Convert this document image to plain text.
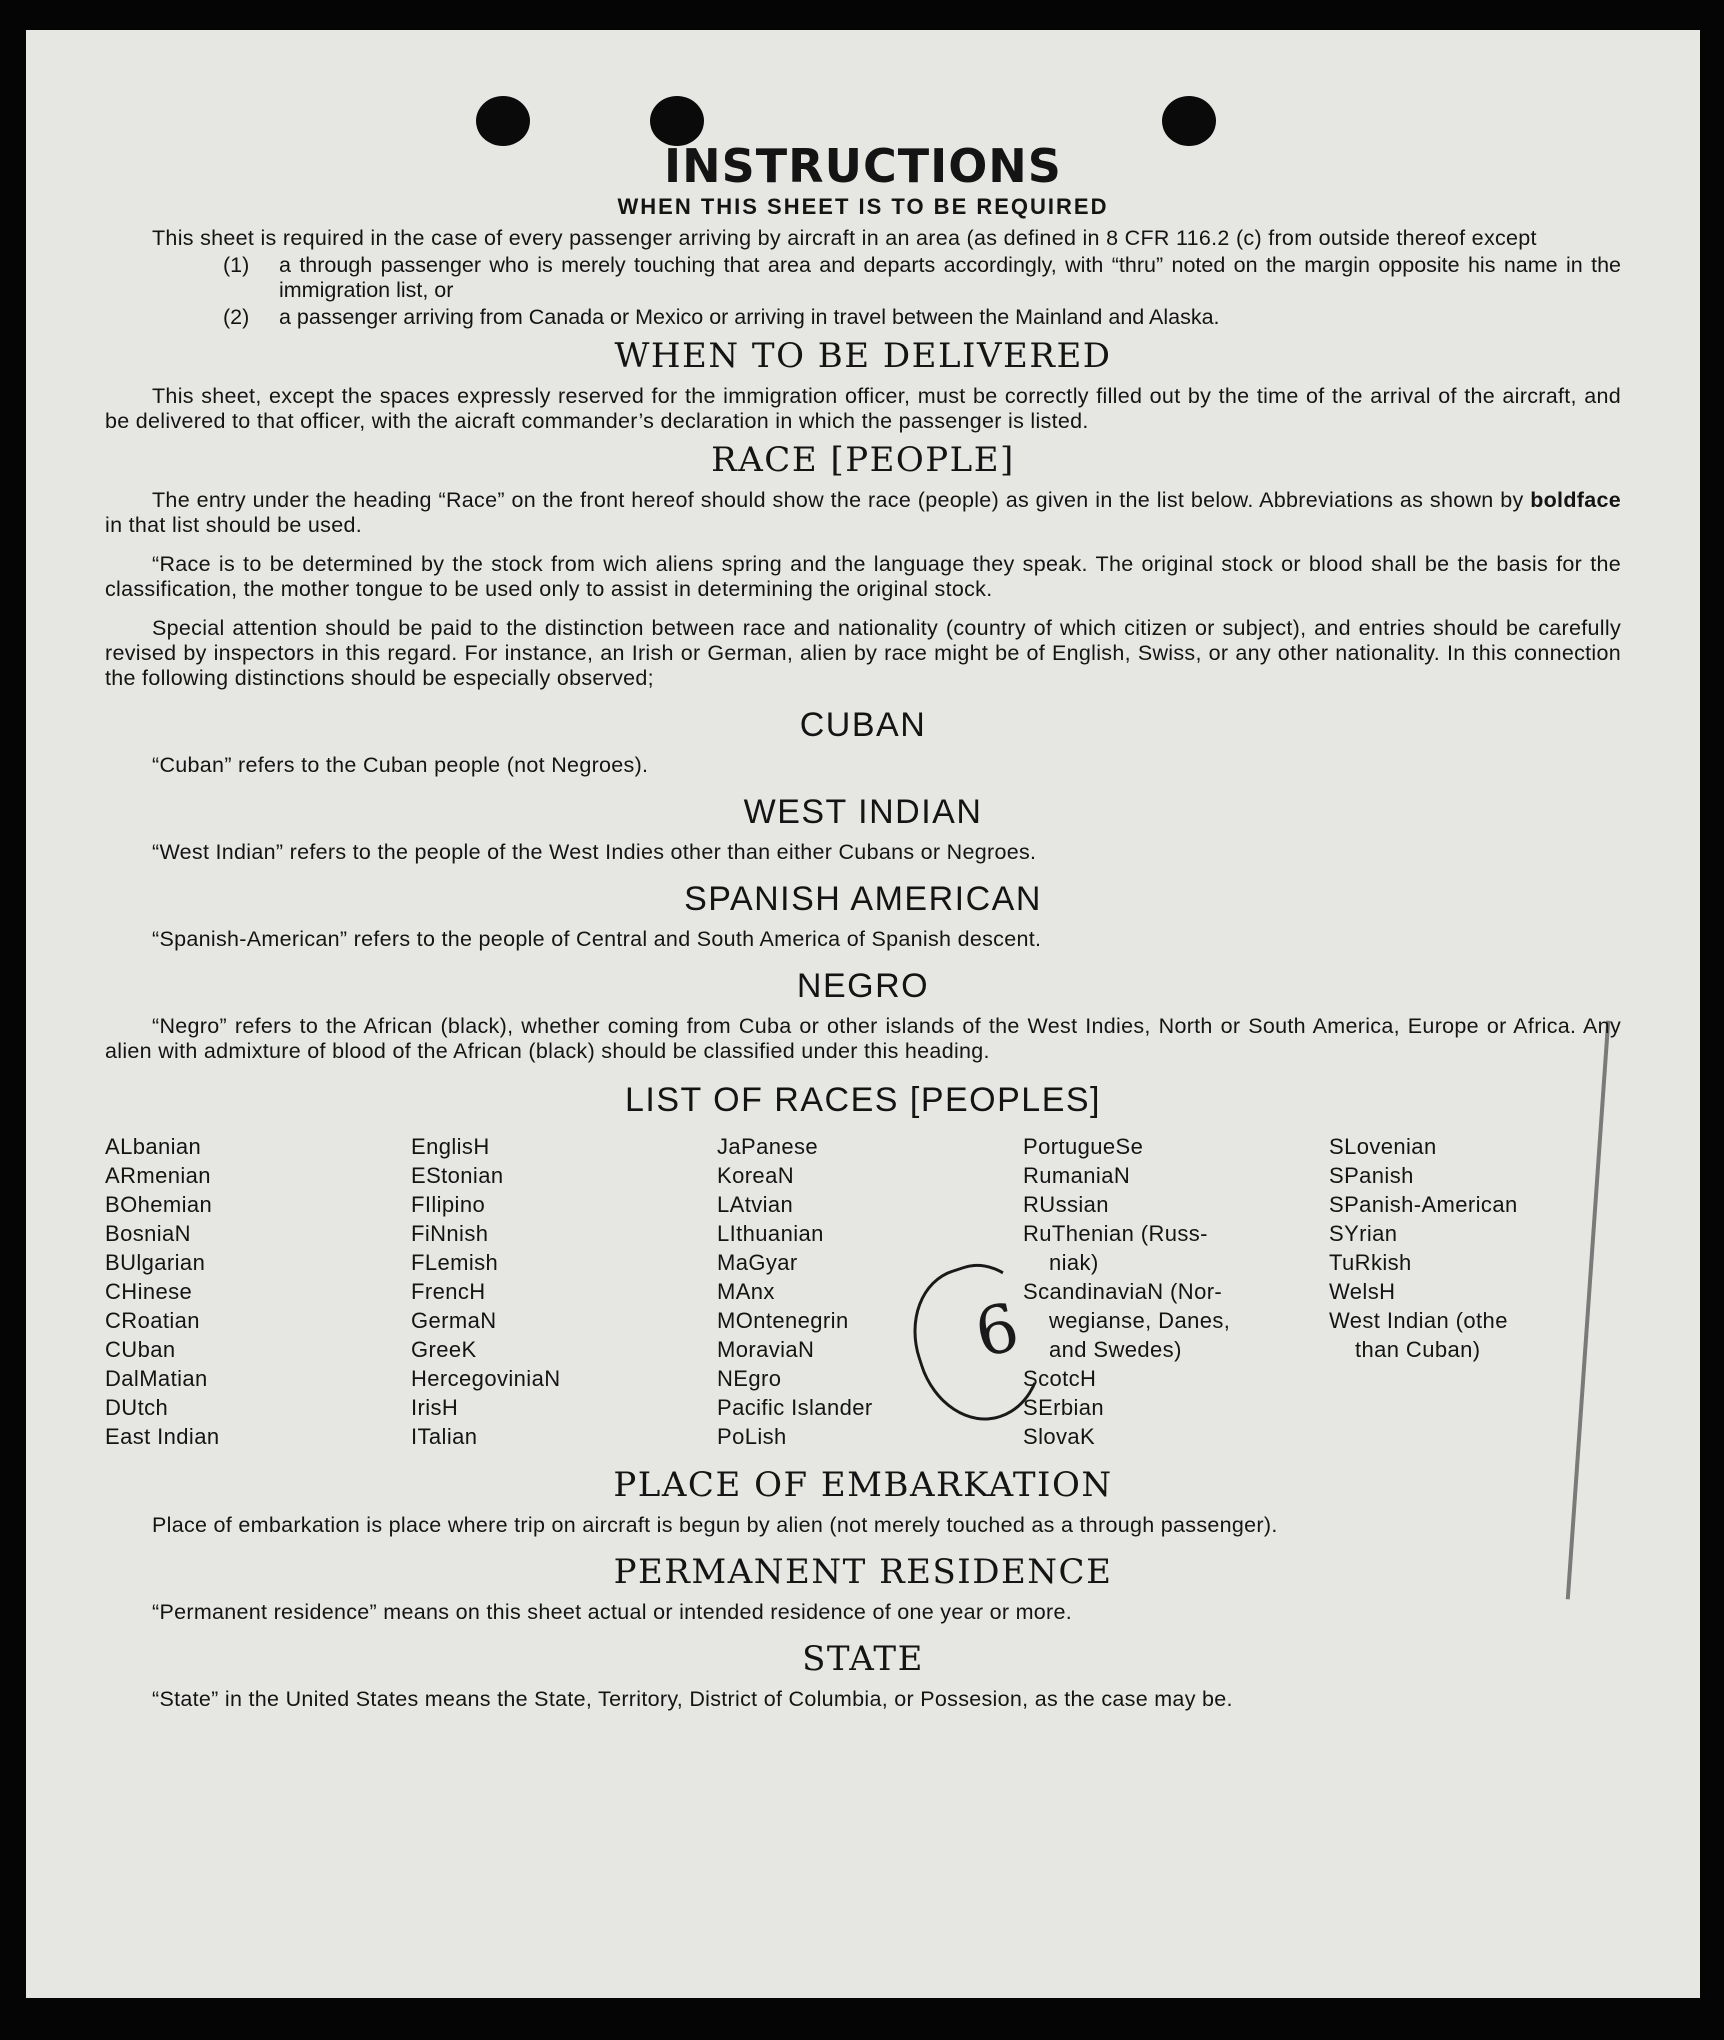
INSTRUCTIONS
WHEN THIS SHEET IS TO BE REQUIRED

This sheet is required in the case of every passenger arriving by aircraft in an area (as defined in 8 CFR 116.2 (c) from outside thereof except

(1) a through passenger who is merely touching that area and departs accordingly, with “thru” noted on the margin opposite his name in the immigration list, or
(2) a passenger arriving from Canada or Mexico or arriving in travel between the Mainland and Alaska.
WHEN TO BE DELIVERED

This sheet, except the spaces expressly reserved for the immigration officer, must be correctly filled out by the time of the arrival of the aircraft, and be delivered to that officer, with the aicraft commander’s declaration in which the passenger is listed.

RACE [PEOPLE]

The entry under the heading “Race” on the front hereof should show the race (people) as given in the list below. Abbreviations as shown by boldface in that list should be used.

“Race is to be determined by the stock from wich aliens spring and the language they speak. The original stock or blood shall be the basis for the classification, the mother tongue to be used only to assist in determining the original stock.

Special attention should be paid to the distinction between race and nationality (country of which citizen or subject), and entries should be carefully revised by inspectors in this regard. For instance, an Irish or German, alien by race might be of English, Swiss, or any other nationality. In this connection the following distinctions should be especially observed;

CUBAN

“Cuban” refers to the Cuban people (not Negroes).

WEST INDIAN

“West Indian” refers to the people of the West Indies other than either Cubans or Negroes.

SPANISH AMERICAN

“Spanish-American” refers to the people of Central and South America of Spanish descent.

NEGRO

“Negro” refers to the African (black), whether coming from Cuba or other islands of the West Indies, North or South America, Europe or Africa. Any alien with admixture of blood of the African (black) should be classified under this heading.

LIST OF RACES [PEOPLES]
ALbanian
ARmenian
BOhemian
BosniaN
BUlgarian
CHinese
CRoatian
CUban
DalMatian
DUtch
East Indian
EnglisH
EStonian
FIlipino
FiNnish
FLemish
FrencH
GermaN
GreeK
HercegoviniaN
IrisH
ITalian
JaPanese
KoreaN
LAtvian
LIthuanian
MaGyar
MAnx
MOntenegrin
MoraviaN
NEgro
Pacific Islander
PoLish
PortugueSe
RumaniaN
RUssian
RuThenian (Russ-
niak)
ScandinaviaN (Nor-
wegianse, Danes,
and Swedes)
ScotcH
SErbian
SlovaK
SLovenian
SPanish
SPanish-American
SYrian
TuRkish
WelsH
West Indian (othe
than Cuban)
PLACE OF EMBARKATION

Place of embarkation is place where trip on aircraft is begun by alien (not merely touched as a through passenger).

PERMANENT RESIDENCE

“Permanent residence” means on this sheet actual or intended residence of one year or more.

STATE

“State” in the United States means the State, Territory, District of Columbia, or Possesion, as the case may be.

6
